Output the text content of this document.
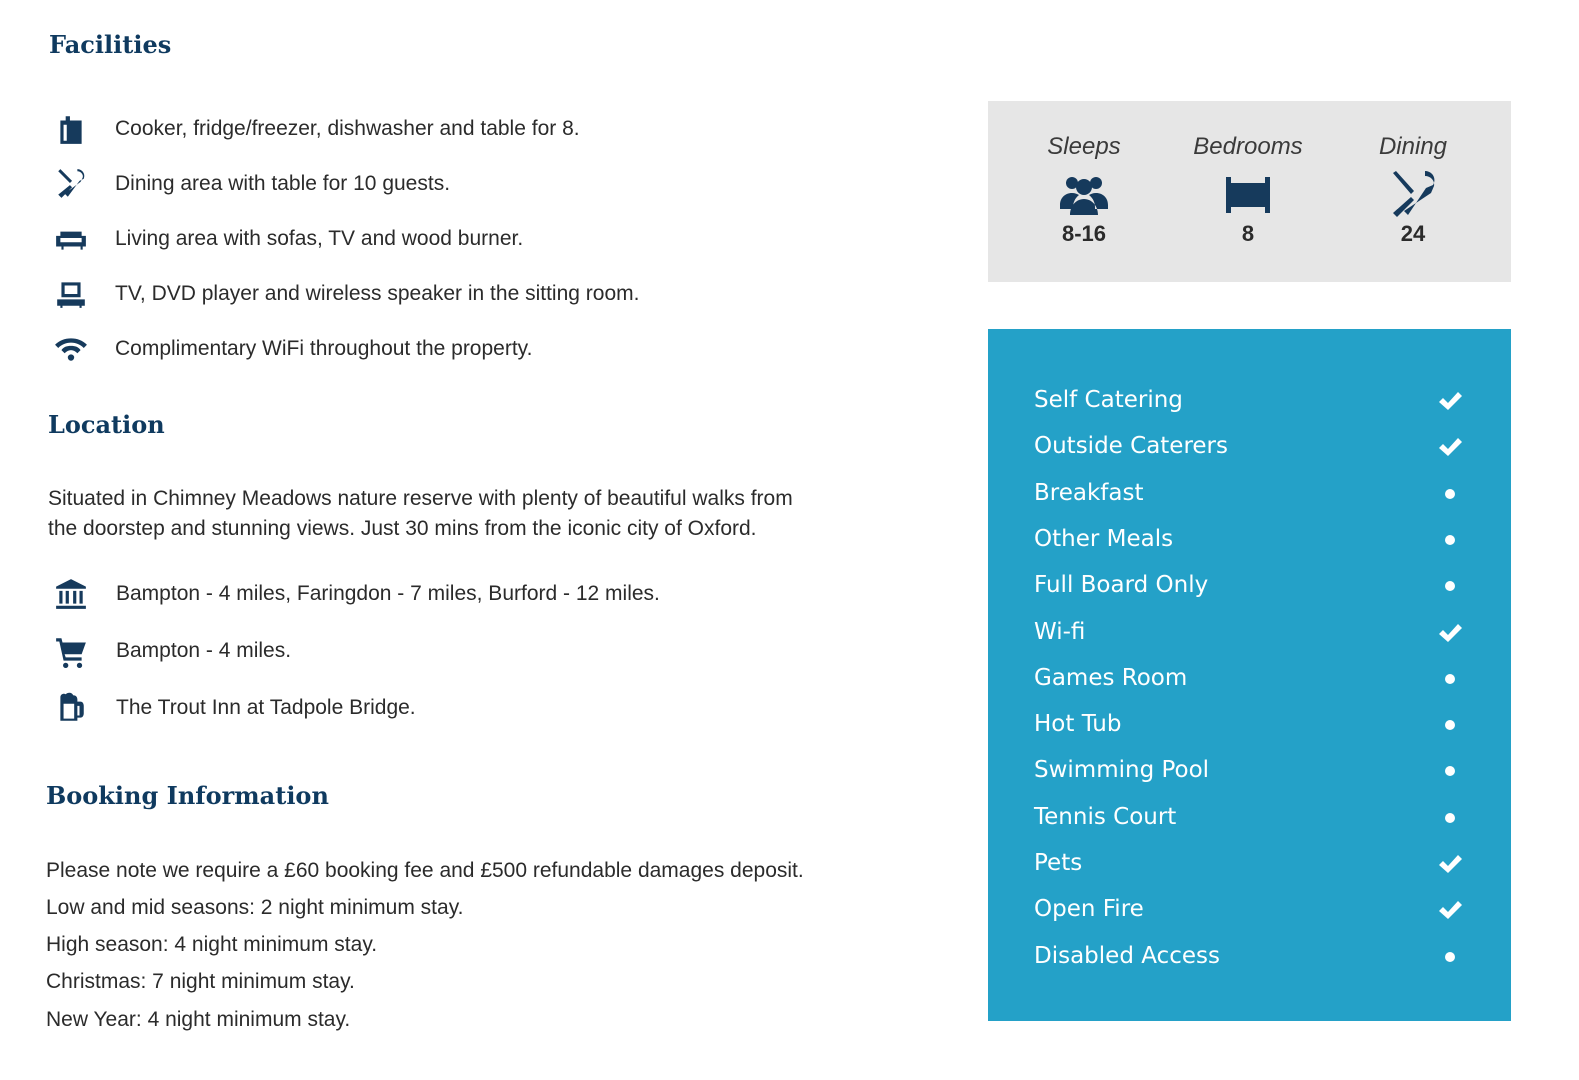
Facilities
Cooker, fridge/freezer, dishwasher and table for 8.
Dining area with table for 10 guests.
Living area with sofas, TV and wood burner.
TV, DVD player and wireless speaker in the sitting room.
Complimentary WiFi throughout the property.
Location

Situated in Chimney Meadows nature reserve with plenty of beautiful walks from

the doorstep and stunning views. Just 30 mins from the iconic city of Oxford.

Bampton - 4 miles, Faringdon - 7 miles, Burford - 12 miles.
Bampton - 4 miles.
The Trout Inn at Tadpole Bridge.
Booking Information
Please note we require a £60 booking fee and £500 refundable damages deposit.
Low and mid seasons: 2 night minimum stay.
High season: 4 night minimum stay.
Christmas: 7 night minimum stay.
New Year: 4 night minimum stay.
Sleeps
8-16
Bedrooms
8
Dining
24
Self Catering
Outside Caterers
Breakfast
Other Meals
Full Board Only
Wi-fi
Games Room
Hot Tub
Swimming Pool
Tennis Court
Pets
Open Fire
Disabled Access
